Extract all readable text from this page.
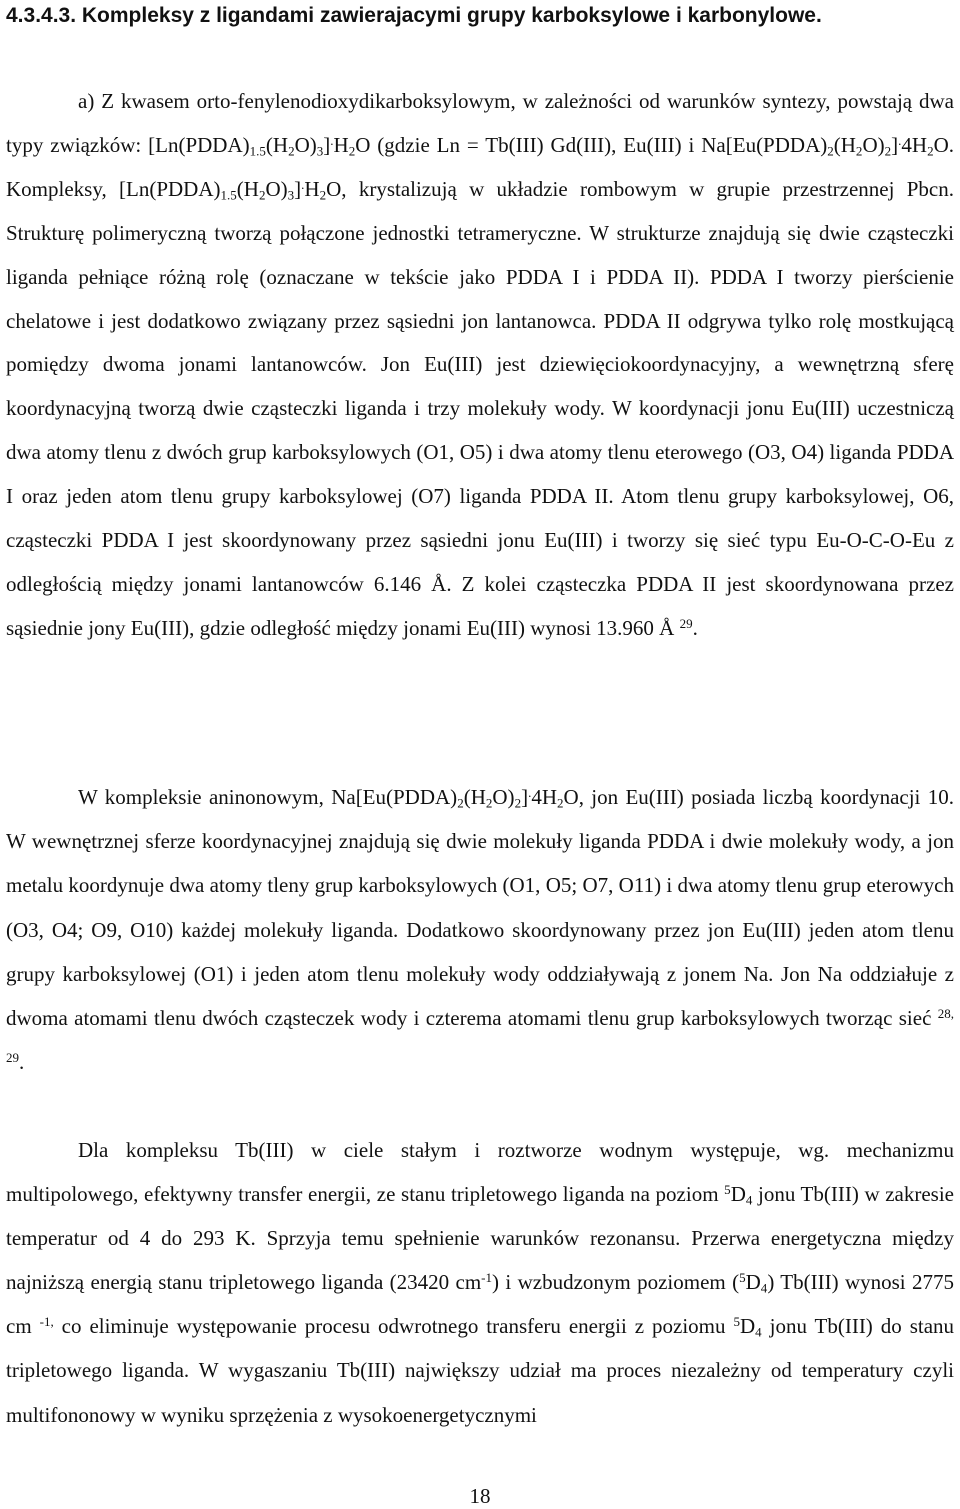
4.3.4.3. Kompleksy z ligandami zawierajacymi grupy karboksylowe i karbonylowe.

a) Z kwasem orto-fenylenodioxydikarboksylowym, w zależności od warunków syntezy, powstają dwa typy związków: $[Ln(PDDA)_{1.5}(H_2O)_3]^.H_2O$ (gdzie Ln = Tb(III) Gd(III), Eu(III) i $Na[Eu(PDDA)_2(H_2O)_2]^.4H_2O$. Kompleksy, $[Ln(PDDA)_{1.5}(H_2O)_3]^.H_2O$, krystalizują w układzie rombowym w grupie przestrzennej Pbcn. Strukturę polimeryczną tworzą połączone jednostki tetrameryczne. W strukturze znajdują się dwie cząsteczki liganda pełniące różną rolę (oznaczane w tekście jako PDDA I i PDDA II). PDDA I tworzy pierścienie chelatowe i jest dodatkowo związany przez sąsiedni jon lantanowca. PDDA II odgrywa tylko rolę mostkującą pomiędzy dwoma jonami lantanowców. Jon Eu(III) jest dziewięciokoordynacyjny, a wewnętrzną sferę koordynacyjną tworzą dwie cząsteczki liganda i trzy molekuły wody. W koordynacji jonu Eu(III) uczestniczą dwa atomy tlenu z dwóch grup karboksylowych (O1, O5) i dwa atomy tlenu eterowego (O3, O4) liganda PDDA I oraz jeden atom tlenu grupy karboksylowej (O7) liganda PDDA II. Atom tlenu grupy karboksylowej, O6, cząsteczki PDDA I jest skoordynowany przez sąsiedni jonu Eu(III) i tworzy się sieć typu Eu-O-C-O-Eu z odległością między jonami lantanowców 6.146 Å. Z kolei cząsteczka PDDA II jest skoordynowana przez sąsiednie jony Eu(III), gdzie odległość między jonami Eu(III) wynosi 13.960 Å $^{29}$.

W kompleksie aninonowym, $Na[Eu(PDDA)_2(H_2O)_2]^.4H_2O$, jon Eu(III) posiada liczbą koordynacji 10. W wewnętrznej sferze koordynacyjnej znajdują się dwie molekuły liganda PDDA i dwie molekuły wody, a jon metalu koordynuje dwa atomy tleny grup karboksylowych (O1, O5; O7, O11) i dwa atomy tlenu grup eterowych (O3, O4; O9, O10) każdej molekuły liganda. Dodatkowo skoordynowany przez jon Eu(III) jeden atom tlenu grupy karboksylowej (O1) i jeden atom tlenu molekuły wody oddziaływają z jonem Na. Jon Na oddziałuje z dwoma atomami tlenu dwóch cząsteczek wody i czterema atomami tlenu grup karboksylowych tworząc sieć $^{28, 29}$.

Dla kompleksu Tb(III) w ciele stałym i roztworze wodnym występuje, wg. mechanizmu multipolowego, efektywny transfer energii, ze stanu tripletowego liganda na poziom $^5D_4$ jonu Tb(III) w zakresie temperatur od 4 do 293 K. Sprzyja temu spełnienie warunków rezonansu. Przerwa energetyczna między najniższą energią stanu tripletowego liganda (23420 $cm^{-1}$) i wzbudzonym poziomem $(^5D_4)$ Tb(III) wynosi 2775 cm $^{-1,}$ co eliminuje występowanie procesu odwrotnego transferu energii z poziomu $^5D_4$ jonu Tb(III) do stanu tripletowego liganda. W wygaszaniu Tb(III) największy udział ma proces niezależny od temperatury czyli multifononowy w wyniku sprzężenia z wysokoenergetycznymi

18
